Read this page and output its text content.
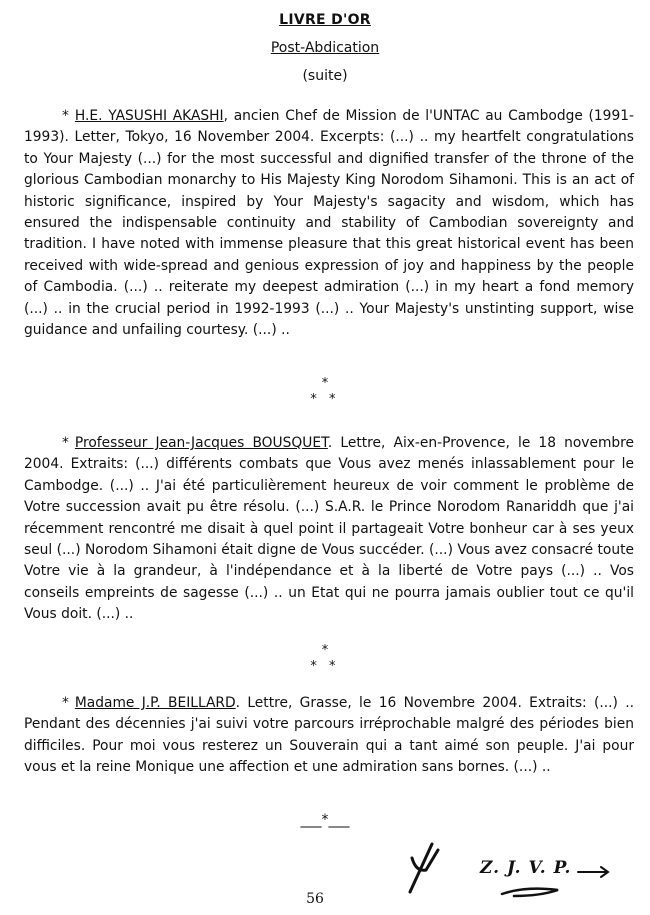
LIVRE D'OR
Post-Abdication
(suite)

* H.E. YASUSHI AKASHI, ancien Chef de Mission de l'UNTAC au Cambodge (1991-1993). Letter, Tokyo, 16 November 2004. Excerpts: (...) .. my heartfelt congratulations to Your Majesty (...) for the most successful and dignified transfer of the throne of the glorious Cambodian monarchy to His Majesty King Norodom Sihamoni. This is an act of historic significance, inspired by Your Majesty's sagacity and wisdom, which has ensured the indispensable continuity and stability of Cambodian sovereignty and tradition. I have noted with immense pleasure that this great historical event has been received with wide-spread and genious expression of joy and happiness by the people of Cambodia. (...) .. reiterate my deepest admiration (...) in my heart a fond memory (...) .. in the crucial period in 1992-1993 (...) .. Your Majesty's unstinting support, wise guidance and unfailing courtesy. (...) ..

*
* *

* Professeur Jean-Jacques BOUSQUET. Lettre, Aix-en-Provence, le 18 novembre 2004. Extraits: (...) différents combats que Vous avez menés inlassablement pour le Cambodge. (...) .. J'ai été particulièrement heureux de voir comment le problème de Votre succession avait pu être résolu. (...) S.A.R. le Prince Norodom Ranariddh que j'ai récemment rencontré me disait à quel point il partageait Votre bonheur car à ses yeux seul (...) Norodom Sihamoni était digne de Vous succéder. (...) Vous avez consacré toute Votre vie à la grandeur, à l'indépendance et à la liberté de Votre pays (...) .. Vos conseils empreints de sagesse (...) .. un Etat qui ne pourra jamais oublier tout ce qu'il Vous doit. (...) ..

*
* *

* Madame J.P. BEILLARD. Lettre, Grasse, le 16 Novembre 2004. Extraits: (...) .. Pendant des décennies j'ai suivi votre parcours irréprochable malgré des périodes bien difficiles. Pour moi vous resterez un Souverain qui a tant aimé son peuple. J'ai pour vous et la reine Monique une affection et une admiration sans bornes. (...) ..

___*___
Z. J. V. P.
56
